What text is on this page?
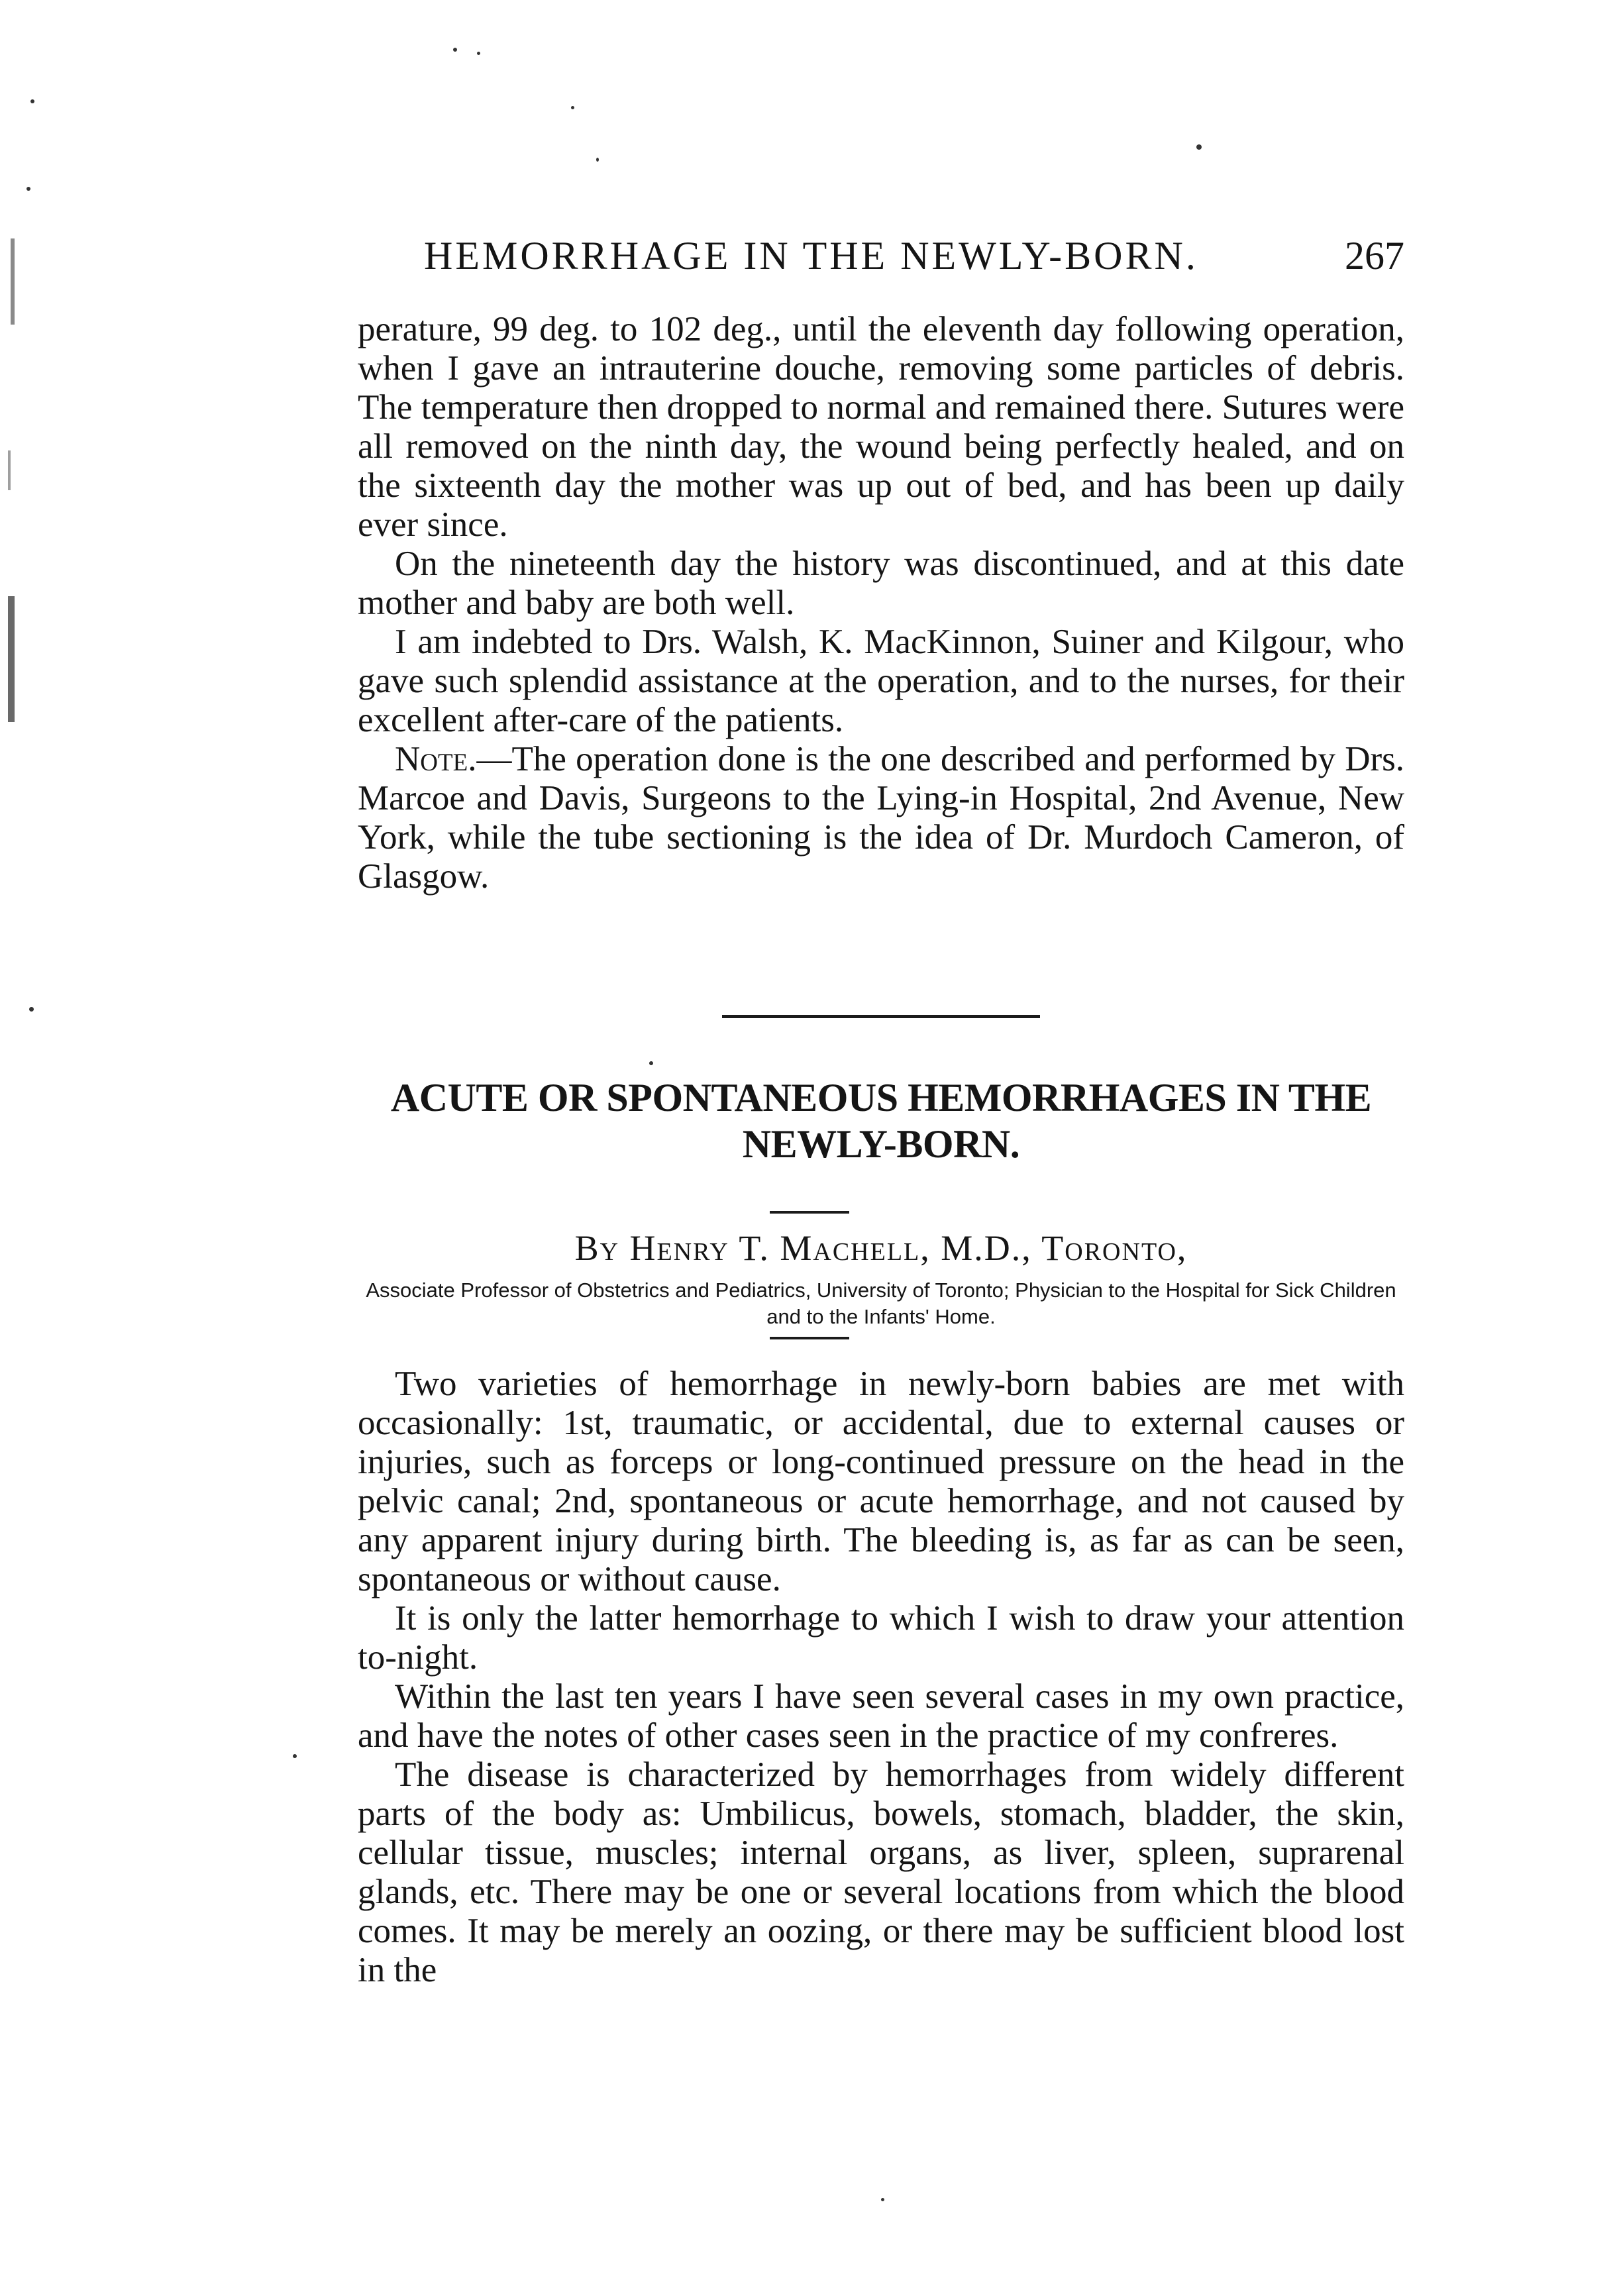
HEMORRHAGE IN THE NEWLY-BORN.	267

perature, 99 deg. to 102 deg., until the eleventh day following operation, when I gave an intrauterine douche, removing some particles of debris. The temperature then dropped to normal and remained there. Sutures were all removed on the ninth day, the wound being perfectly healed, and on the sixteenth day the mother was up out of bed, and has been up daily ever since.

On the nineteenth day the history was discontinued, and at this date mother and baby are both well.

I am indebted to Drs. Walsh, K. MacKinnon, Suiner and Kilgour, who gave such splendid assistance at the operation, and to the nurses, for their excellent after-care of the patients.

Note.—The operation done is the one described and performed by Drs. Marcoe and Davis, Surgeons to the Lying-in Hospital, 2nd Avenue, New York, while the tube sectioning is the idea of Dr. Murdoch Cameron, of Glasgow.

ACUTE OR SPONTANEOUS HEMORRHAGES IN THE NEWLY-BORN.
By Henry T. Machell, M.D., Toronto,
Associate Professor of Obstetrics and Pediatrics, University of Toronto; Physician to the Hospital for Sick Children and to the Infants' Home.

Two varieties of hemorrhage in newly-born babies are met with occasionally: 1st, traumatic, or accidental, due to external causes or injuries, such as forceps or long-continued pressure on the head in the pelvic canal; 2nd, spontaneous or acute hemorrhage, and not caused by any apparent injury during birth. The bleeding is, as far as can be seen, spontaneous or without cause.

It is only the latter hemorrhage to which I wish to draw your attention to-night.

Within the last ten years I have seen several cases in my own practice, and have the notes of other cases seen in the practice of my confreres.

The disease is characterized by hemorrhages from widely different parts of the body as: Umbilicus, bowels, stomach, bladder, the skin, cellular tissue, muscles; internal organs, as liver, spleen, suprarenal glands, etc. There may be one or several locations from which the blood comes. It may be merely an oozing, or there may be sufficient blood lost in the
